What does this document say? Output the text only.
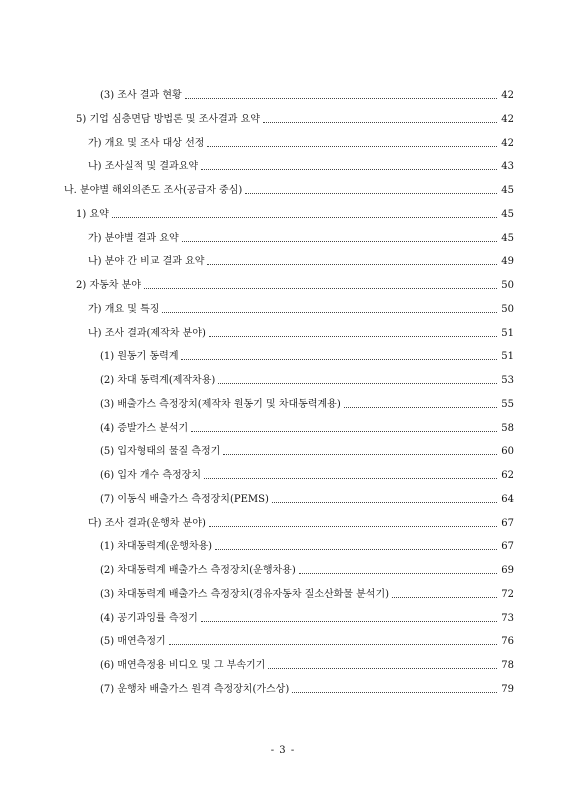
(3) 조사 결과 현황	42
5) 기업 심층면담 방법론 및 조사결과 요약	42
가) 개요 및 조사 대상 선정	42
나) 조사실적 및 결과요약	43
나. 분야별 해외의존도 조사(공급자 중심)	45
1) 요약	45
가) 분야별 결과 요약	45
나) 분야 간 비교 결과 요약	49
2) 자동차 분야	50
가) 개요 및 특징	50
나) 조사 결과(제작차 분야)	51
(1) 원동기 동력계	51
(2) 차대 동력계(제작차용)	53
(3) 배출가스 측정장치(제작차 원동기 및 차대동력계용)	55
(4) 증발가스 분석기	58
(5) 입자형태의 물질 측정기	60
(6) 입자 개수 측정장치	62
(7) 이동식 배출가스 측정장치(PEMS)	64
다) 조사 결과(운행차 분야)	67
(1) 차대동력계(운행차용)	67
(2) 차대동력계 배출가스 측정장치(운행차용)	69
(3) 차대동력계 배출가스 측정장치(경유자동차 질소산화물 분석기)	72
(4) 공기과잉률 측정기	73
(5) 매연측정기	76
(6) 매연측정용 비디오 및 그 부속기기	78
(7) 운행차 배출가스 원격 측정장치(가스상)	79
- 3 -
